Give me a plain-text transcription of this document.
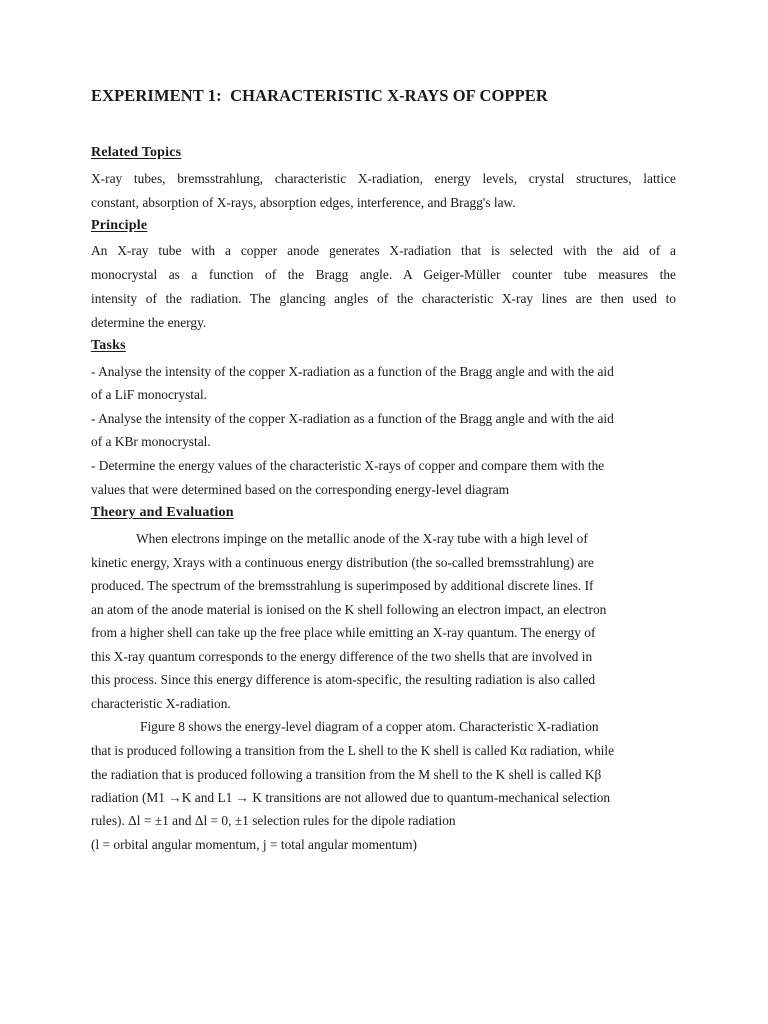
EXPERIMENT 1:  CHARACTERISTIC X-RAYS OF COPPER
Related Topics
X-ray tubes, bremsstrahlung, characteristic X-radiation, energy levels, crystal structures, lattice
constant, absorption of X-rays, absorption edges, interference, and Bragg's law.
Principle
An X-ray tube with a copper anode generates X-radiation that is selected with the aid of a
monocrystal as a function of the Bragg angle. A Geiger-Müller counter tube measures the
intensity of the radiation. The glancing angles of the characteristic X-ray lines are then used to
determine the energy.
Tasks
- Analyse the intensity of the copper X-radiation as a function of the Bragg angle and with the aid
of a LiF monocrystal.
- Analyse the intensity of the copper X-radiation as a function of the Bragg angle and with the aid
of a KBr monocrystal.
- Determine the energy values of the characteristic X-rays of copper and compare them with the
values that were determined based on the corresponding energy-level diagram
Theory and Evaluation
When electrons impinge on the metallic anode of the X-ray tube with a high level of
kinetic energy, Xrays with a continuous energy distribution (the so-called bremsstrahlung) are
produced. The spectrum of the bremsstrahlung is superimposed by additional discrete lines. If
an atom of the anode material is ionised on the K shell following an electron impact, an electron
from a higher shell can take up the free place while emitting an X-ray quantum. The energy of
this X-ray quantum corresponds to the energy difference of the two shells that are involved in
this process. Since this energy difference is atom-specific, the resulting radiation is also called
characteristic X-radiation.
Figure 8 shows the energy-level diagram of a copper atom. Characteristic X-radiation
that is produced following a transition from the L shell to the K shell is called Kα radiation, while
the radiation that is produced following a transition from the M shell to the K shell is called Kβ
radiation (M1 →K and L1 → K transitions are not allowed due to quantum-mechanical selection
rules). Δl = ±1 and Δl = 0, ±1 selection rules for the dipole radiation
(l = orbital angular momentum, j = total angular momentum)
